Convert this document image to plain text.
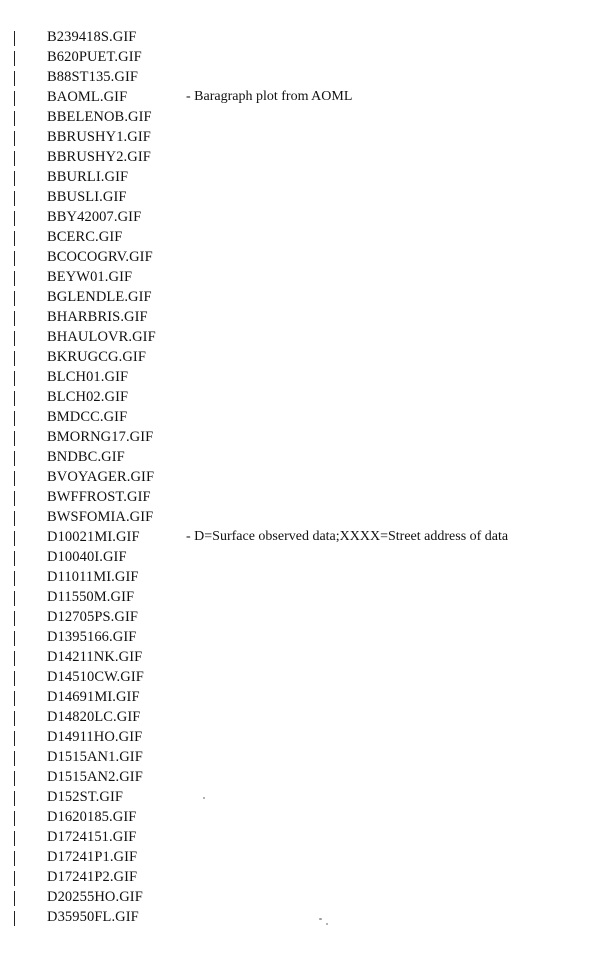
B239418S.GIF
B620PUET.GIF
B88ST135.GIF
BAOML.GIF	- Baragraph plot from AOML
BBELENOB.GIF
BBRUSHY1.GIF
BBRUSHY2.GIF
BBURLI.GIF
BBUSLI.GIF
BBY42007.GIF
BCERC.GIF
BCOCOGRV.GIF
BEYW01.GIF
BGLENDLE.GIF
BHARBRIS.GIF
BHAULOVR.GIF
BKRUGCG.GIF
BLCH01.GIF
BLCH02.GIF
BMDCC.GIF
BMORNG17.GIF
BNDBC.GIF
BVOYAGER.GIF
BWFFROST.GIF
BWSFOMIA.GIF
D10021MI.GIF	- D=Surface observed data;XXXX=Street address of data
D10040I.GIF
D11011MI.GIF
D11550M.GIF
D12705PS.GIF
D1395166.GIF
D14211NK.GIF
D14510CW.GIF
D14691MI.GIF
D14820LC.GIF
D14911HO.GIF
D1515AN1.GIF
D1515AN2.GIF
D152ST.GIF
D1620185.GIF
D1724151.GIF
D17241P1.GIF
D17241P2.GIF
D20255HO.GIF
D35950FL.GIF
